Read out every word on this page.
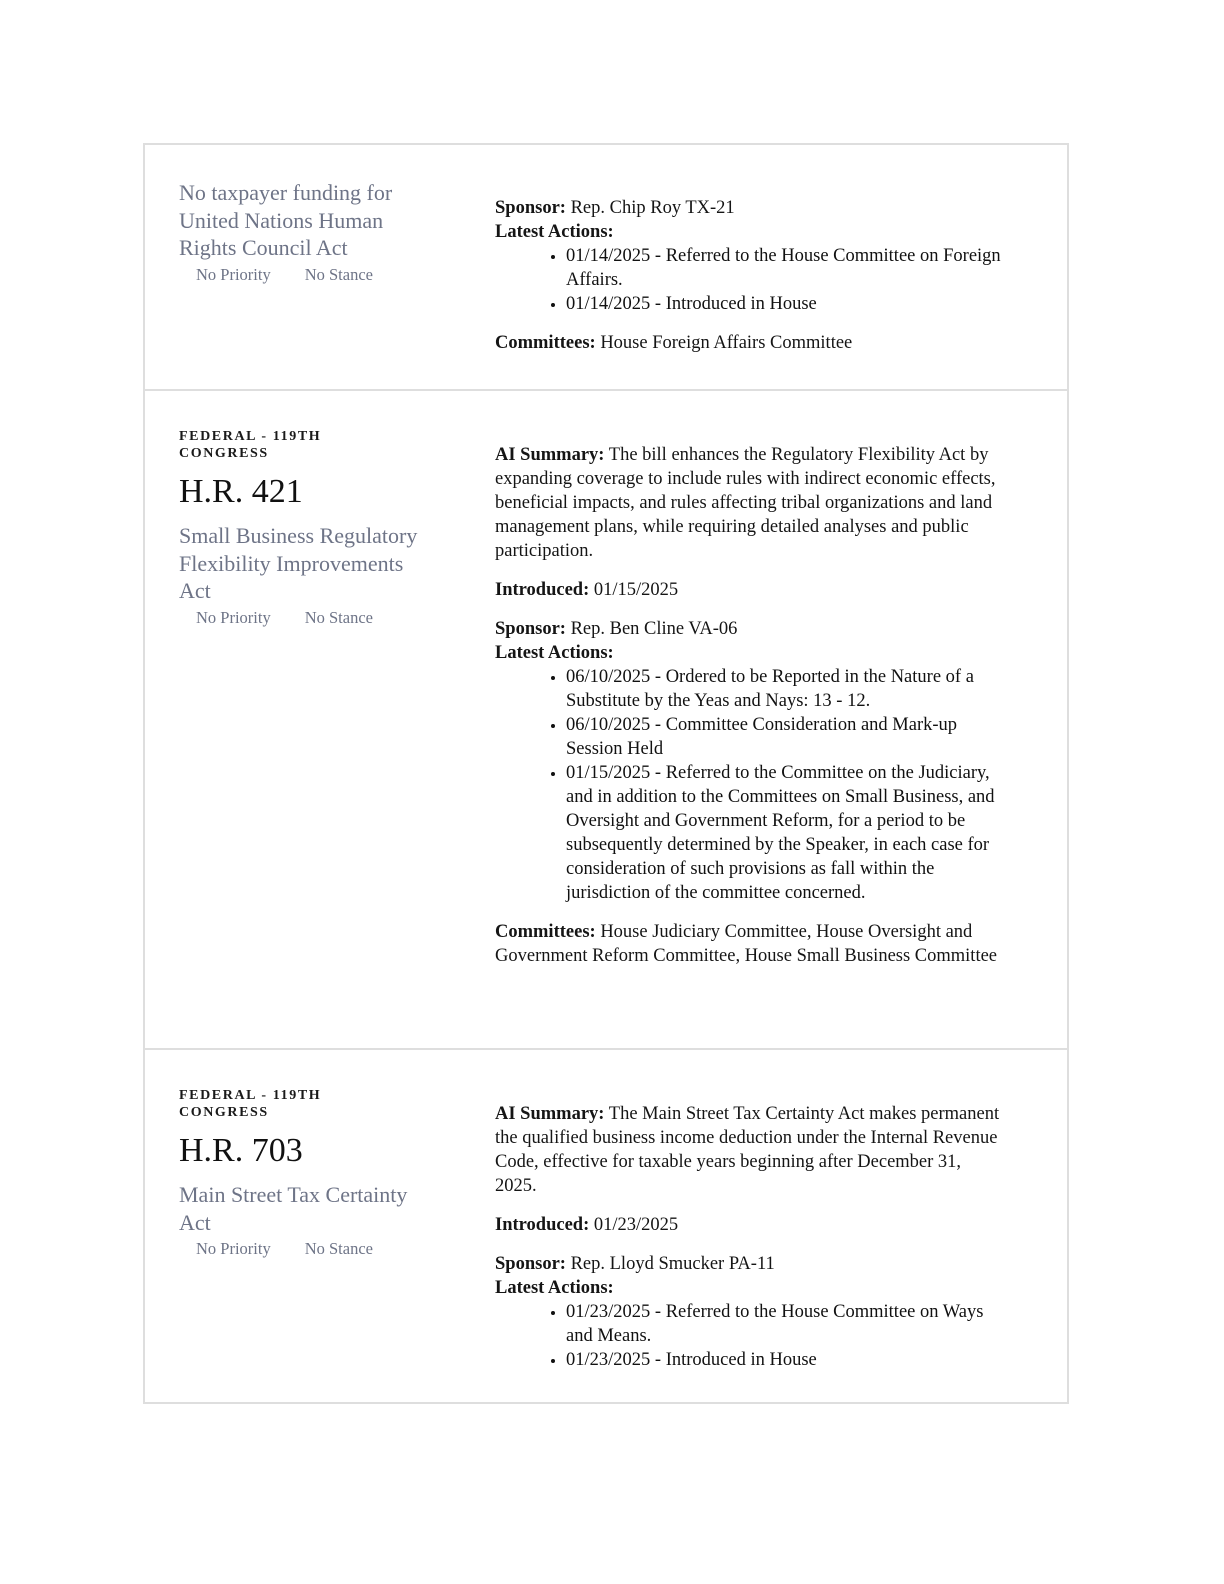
No taxpayer funding for United Nations Human Rights Council Act
No Priority No Stance
Sponsor: Rep. Chip Roy TX-21
Latest Actions:
• 01/14/2025 - Referred to the House Committee on Foreign Affairs.
• 01/14/2025 - Introduced in House
Committees: House Foreign Affairs Committee
FEDERAL - 119TH CONGRESS
H.R. 421
Small Business Regulatory Flexibility Improvements Act
No Priority No Stance
AI Summary: The bill enhances the Regulatory Flexibility Act by expanding coverage to include rules with indirect economic effects, beneficial impacts, and rules affecting tribal organizations and land management plans, while requiring detailed analyses and public participation.
Introduced: 01/15/2025
Sponsor: Rep. Ben Cline VA-06
Latest Actions:
• 06/10/2025 - Ordered to be Reported in the Nature of a Substitute by the Yeas and Nays: 13 - 12.
• 06/10/2025 - Committee Consideration and Mark-up Session Held
• 01/15/2025 - Referred to the Committee on the Judiciary, and in addition to the Committees on Small Business, and Oversight and Government Reform, for a period to be subsequently determined by the Speaker, in each case for consideration of such provisions as fall within the jurisdiction of the committee concerned.
Committees: House Judiciary Committee, House Oversight and Government Reform Committee, House Small Business Committee
FEDERAL - 119TH CONGRESS
H.R. 703
Main Street Tax Certainty Act
No Priority No Stance
AI Summary: The Main Street Tax Certainty Act makes permanent the qualified business income deduction under the Internal Revenue Code, effective for taxable years beginning after December 31, 2025.
Introduced: 01/23/2025
Sponsor: Rep. Lloyd Smucker PA-11
Latest Actions:
• 01/23/2025 - Referred to the House Committee on Ways and Means.
• 01/23/2025 - Introduced in House
